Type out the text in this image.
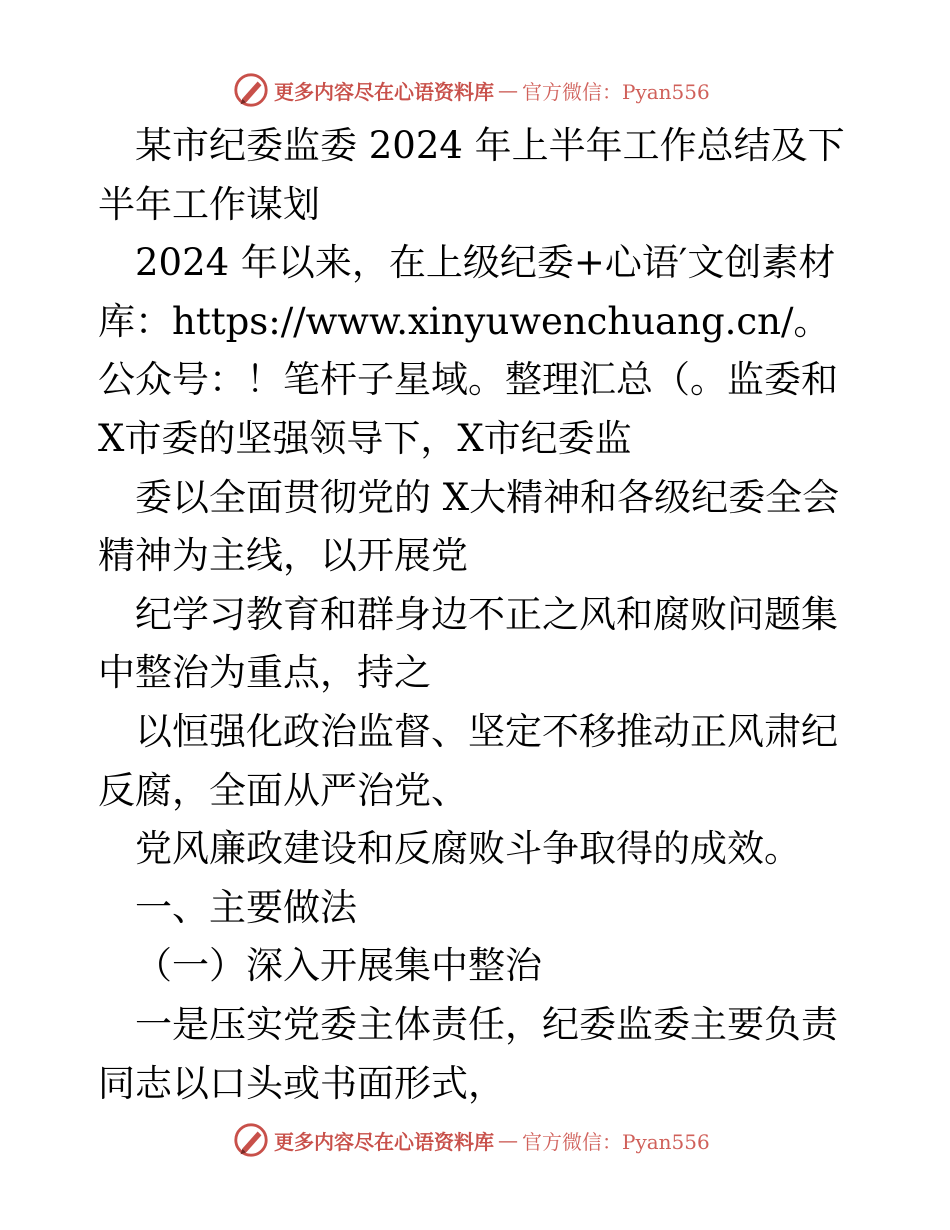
更多内容尽在心语资料库 — 官方微信：Pyan556

某市纪委监委 2024 年上半年工作总结及下半年工作谋划

2024 年以来，在上级纪委+心语′文创素材库：https://www.xinyuwenchuang.cn/。公众号：！笔杆子星域。整理汇总（。监委和 X市委的坚强领导下，X市纪委监

委以全面贯彻党的 X大精神和各级纪委全会精神为主线，以开展党

纪学习教育和群身边不正之风和腐败问题集中整治为重点，持之

以恒强化政治监督、坚定不移推动正风肃纪反腐，全面从严治党、

党风廉政建设和反腐败斗争取得的成效。

一、主要做法

（一）深入开展集中整治

一是压实党委主体责任，纪委监委主要负责同志以口头或书面形式，

更多内容尽在心语资料库 — 官方微信：Pyan556
